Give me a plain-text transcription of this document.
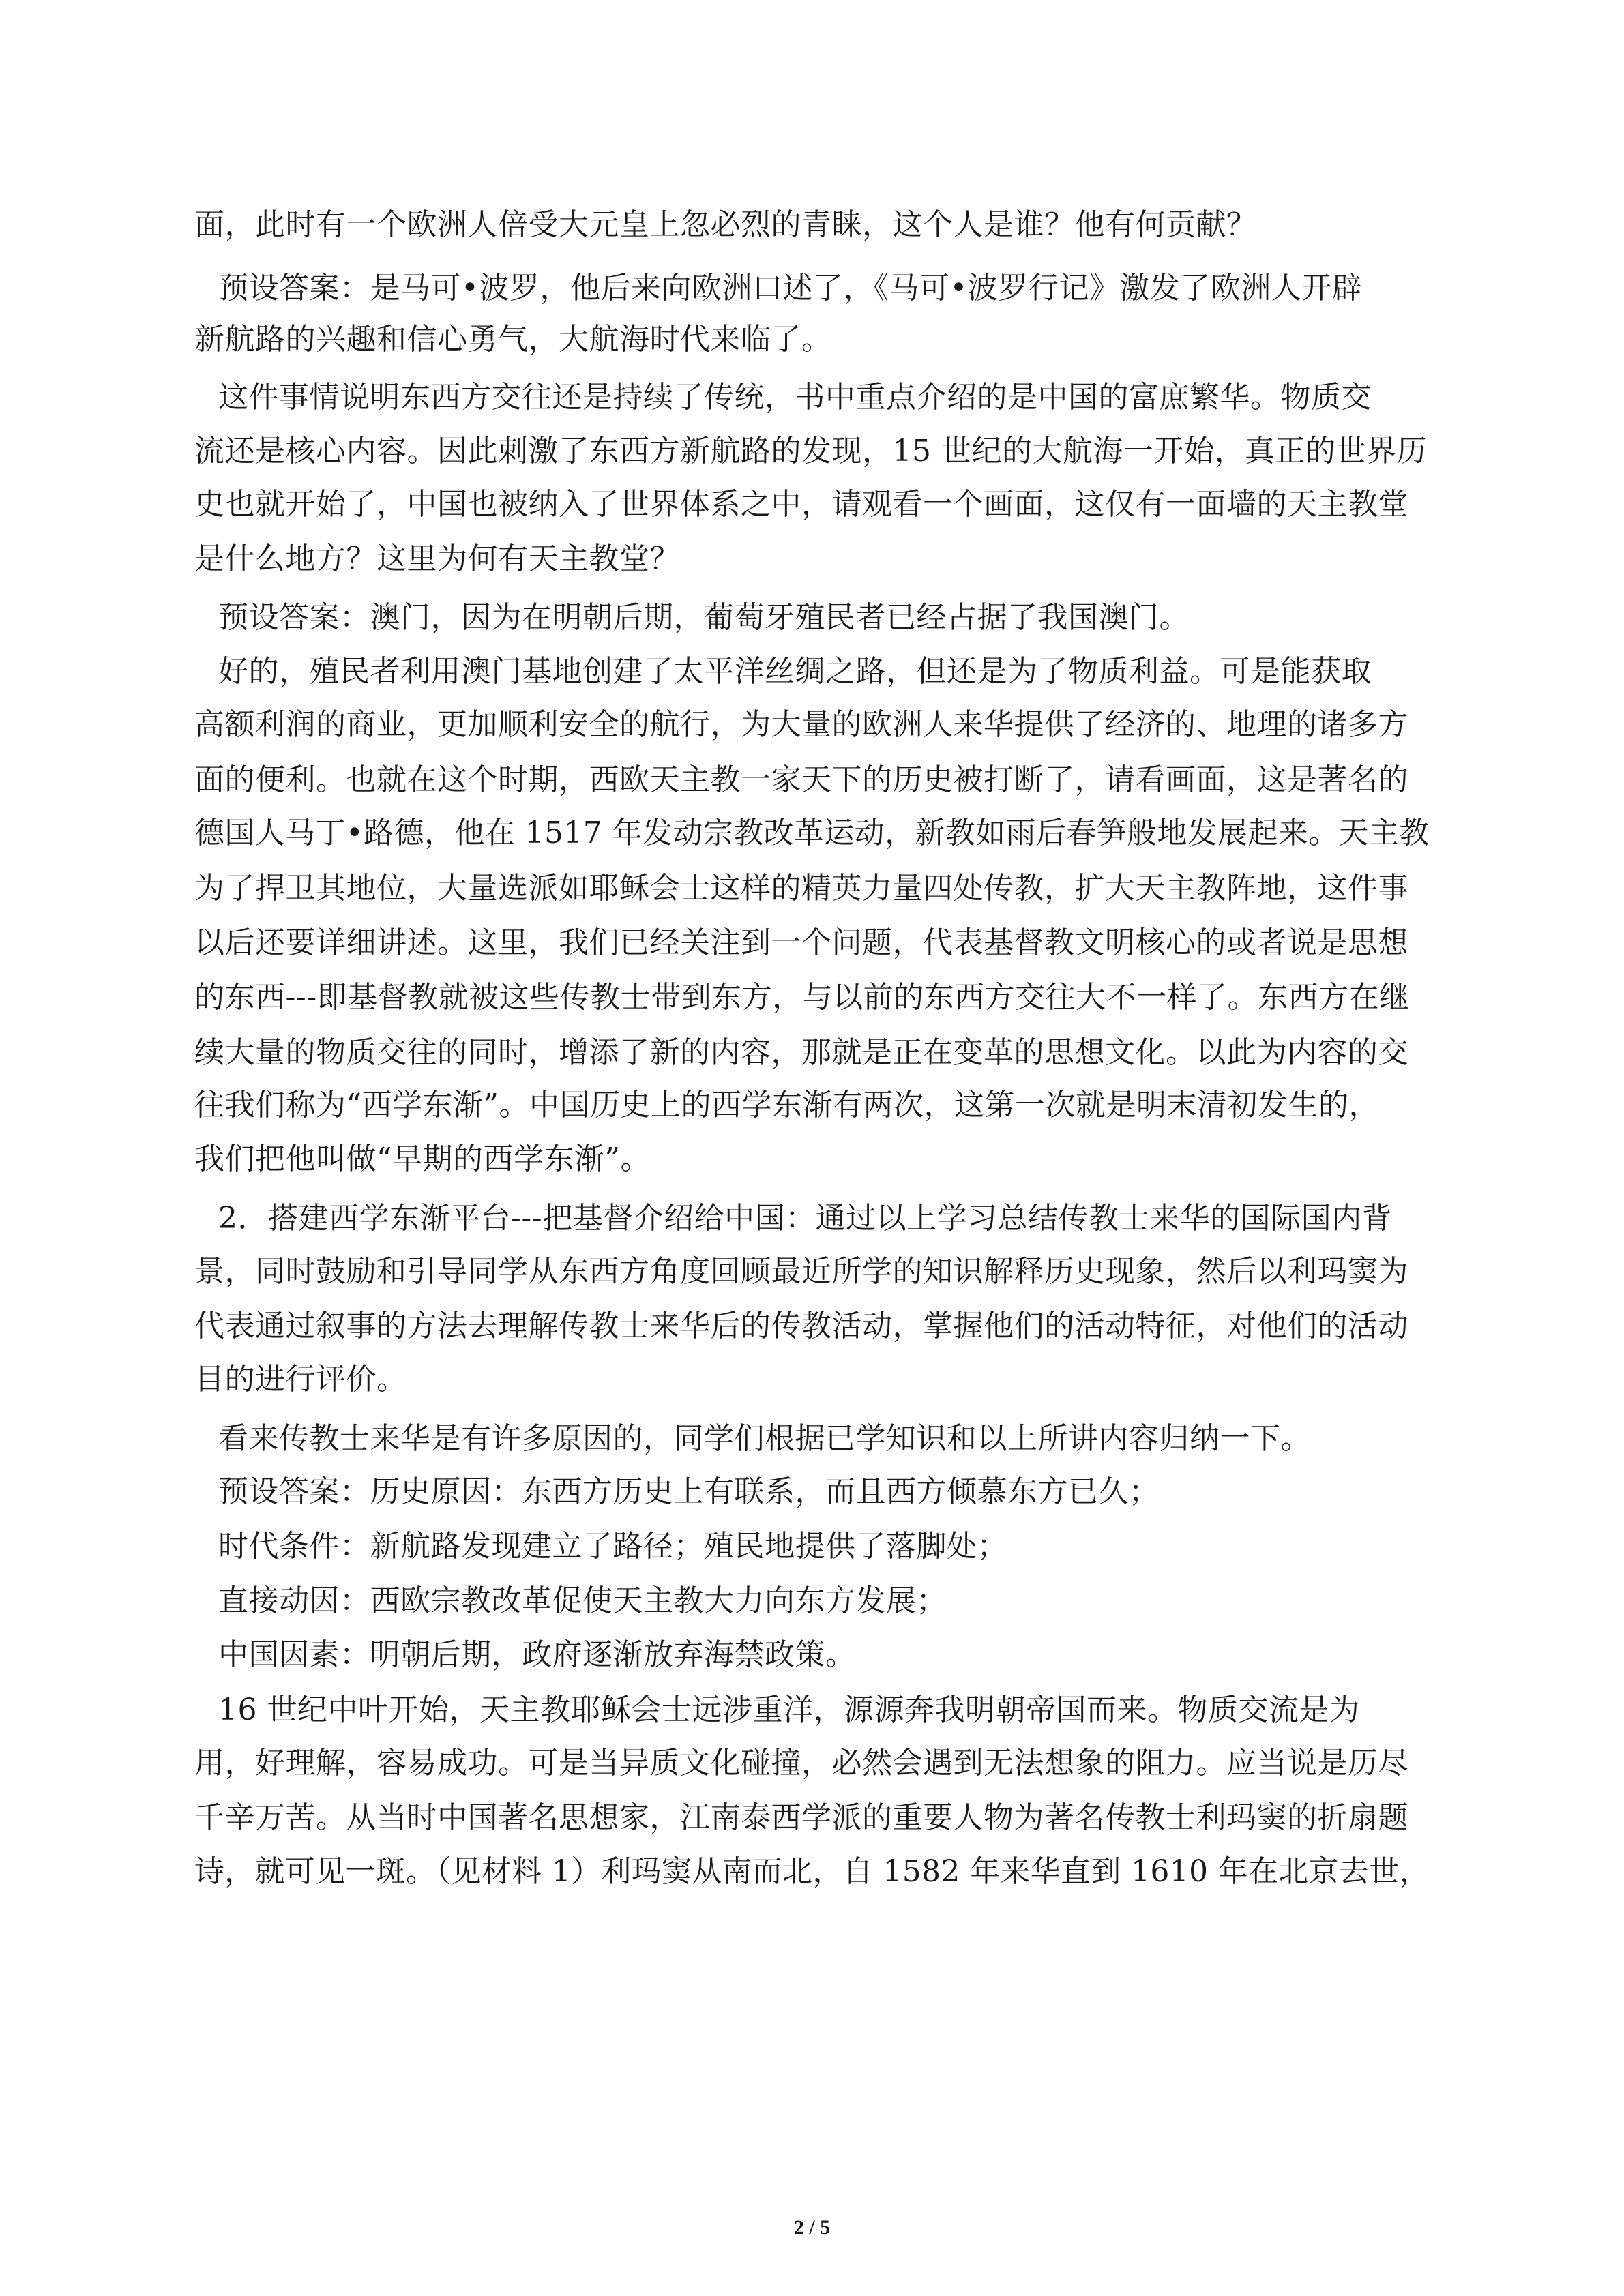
面，此时有一个欧洲人倍受大元皇上忽必烈的青睐，这个人是谁？他有何贡献？
预设答案：是马可•波罗，他后来向欧洲口述了，《马可•波罗行记》激发了欧洲人开辟
新航路的兴趣和信心勇气，大航海时代来临了。
这件事情说明东西方交往还是持续了传统，书中重点介绍的是中国的富庶繁华。物质交
流还是核心内容。因此刺激了东西方新航路的发现，15 世纪的大航海一开始，真正的世界历
史也就开始了，中国也被纳入了世界体系之中，请观看一个画面，这仅有一面墙的天主教堂
是什么地方？这里为何有天主教堂？
预设答案：澳门，因为在明朝后期，葡萄牙殖民者已经占据了我国澳门。
好的，殖民者利用澳门基地创建了太平洋丝绸之路，但还是为了物质利益。可是能获取
高额利润的商业，更加顺利安全的航行，为大量的欧洲人来华提供了经济的、地理的诸多方
面的便利。也就在这个时期，西欧天主教一家天下的历史被打断了，请看画面，这是著名的
德国人马丁•路德，他在 1517 年发动宗教改革运动，新教如雨后春笋般地发展起来。天主教
为了捍卫其地位，大量选派如耶稣会士这样的精英力量四处传教，扩大天主教阵地，这件事
以后还要详细讲述。这里，我们已经关注到一个问题，代表基督教文明核心的或者说是思想
的东西---即基督教就被这些传教士带到东方，与以前的东西方交往大不一样了。东西方在继
续大量的物质交往的同时，增添了新的内容，那就是正在变革的思想文化。以此为内容的交
往我们称为“西学东渐”。中国历史上的西学东渐有两次，这第一次就是明末清初发生的，
我们把他叫做“早期的西学东渐”。
2．搭建西学东渐平台---把基督介绍给中国：通过以上学习总结传教士来华的国际国内背
景，同时鼓励和引导同学从东西方角度回顾最近所学的知识解释历史现象，然后以利玛窦为
代表通过叙事的方法去理解传教士来华后的传教活动，掌握他们的活动特征，对他们的活动
目的进行评价。
看来传教士来华是有许多原因的，同学们根据已学知识和以上所讲内容归纳一下。
预设答案：历史原因：东西方历史上有联系，而且西方倾慕东方已久；
时代条件：新航路发现建立了路径；殖民地提供了落脚处；
直接动因：西欧宗教改革促使天主教大力向东方发展；
中国因素：明朝后期，政府逐渐放弃海禁政策。
16 世纪中叶开始，天主教耶稣会士远涉重洋，源源奔我明朝帝国而来。物质交流是为
用，好理解，容易成功。可是当异质文化碰撞，必然会遇到无法想象的阻力。应当说是历尽
千辛万苦。从当时中国著名思想家，江南泰西学派的重要人物为著名传教士利玛窦的折扇题
诗，就可见一斑。（见材料 1）利玛窦从南而北，自 1582 年来华直到 1610 年在北京去世，
2 / 5
